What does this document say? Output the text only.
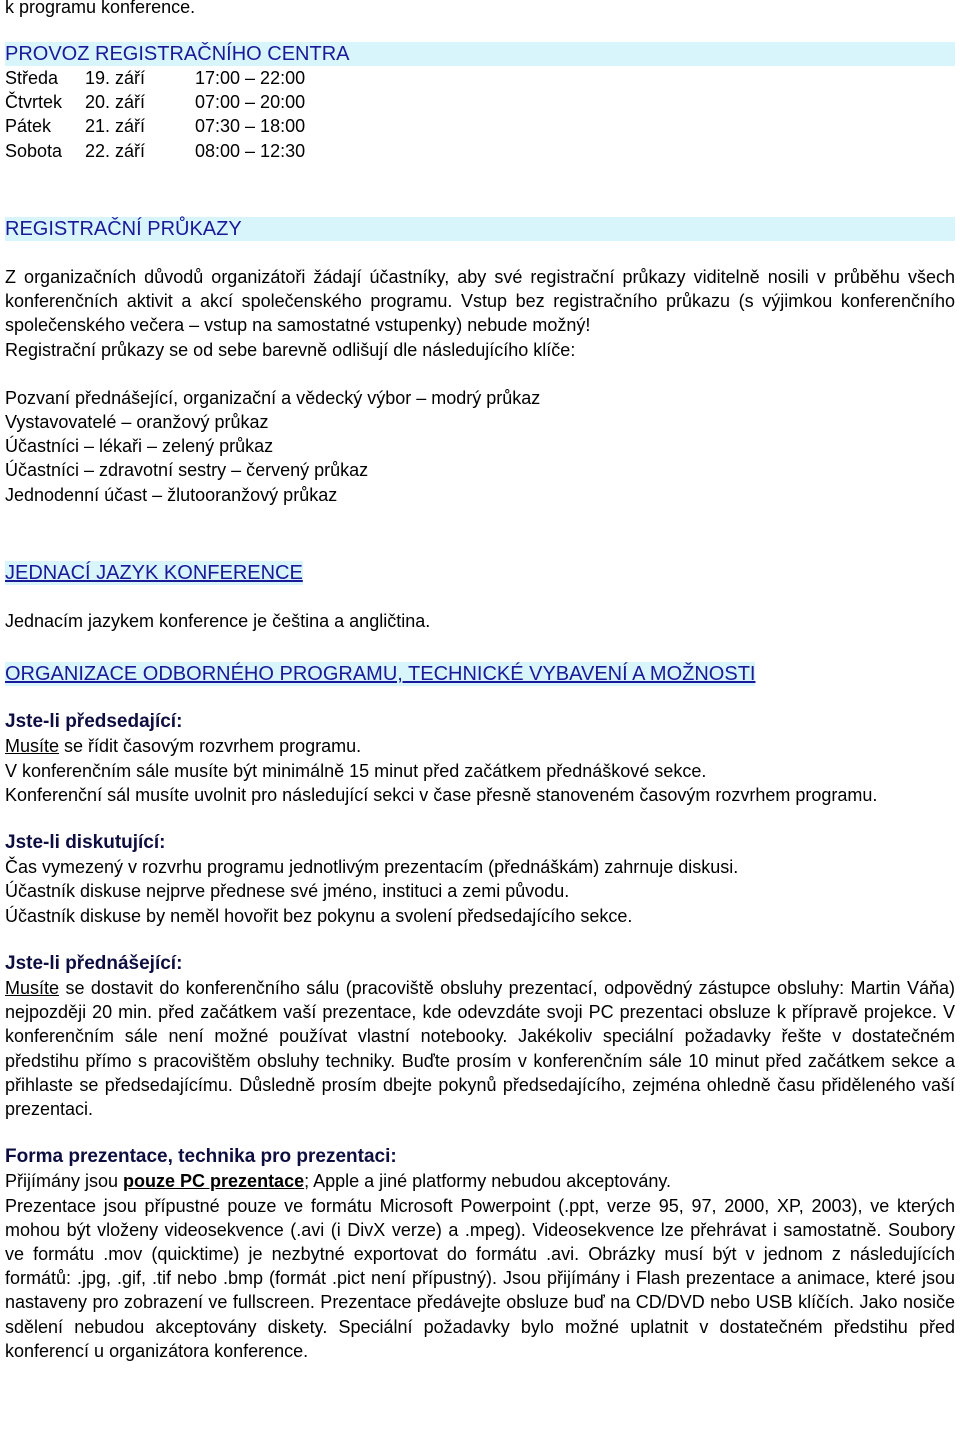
k programu konference.
PROVOZ REGISTRAČNÍHO CENTRA
Středa	19. září	17:00 – 22:00
Čtvrtek	20. září	07:00 – 20:00
Pátek	21. září	07:30 – 18:00
Sobota	22. září	08:00 – 12:30
REGISTRAČNÍ PRŮKAZY
Z organizačních důvodů organizátoři žádají účastníky, aby své registrační průkazy viditelně nosili v průběhu všech konferenčních aktivit a akcí společenského programu. Vstup bez registračního průkazu (s výjimkou konferenčního společenského večera – vstup na samostatné vstupenky) nebude možný!
Registrační průkazy se od sebe barevně odlišují dle následujícího klíče:
Pozvaní přednášející, organizační a vědecký výbor – modrý průkaz
Vystavovatelé – oranžový průkaz
Účastníci – lékaři – zelený průkaz
Účastníci – zdravotní sestry – červený průkaz
Jednodenní účast – žlutooranžový průkaz
JEDNACÍ JAZYK KONFERENCE
Jednacím jazykem konference je čeština a angličtina.
ORGANIZACE ODBORNÉHO PROGRAMU, TECHNICKÉ VYBAVENÍ A MOŽNOSTI
Jste-li předsedající:
Musíte se řídit časovým rozvrhem programu.
V konferenčním sále musíte být minimálně 15 minut před začátkem přednáškové sekce.
Konferenční sál musíte uvolnit pro následující sekci v čase přesně stanoveném časovým rozvrhem programu.
Jste-li diskutující:
Čas vymezený v rozvrhu programu jednotlivým prezentacím (přednáškám) zahrnuje diskusi.
Účastník diskuse nejprve přednese své jméno, instituci a zemi původu.
Účastník diskuse by neměl hovořit bez pokynu a svolení předsedajícího sekce.
Jste-li přednášející:
Musíte se dostavit do konferenčního sálu (pracoviště obsluhy prezentací, odpovědný zástupce obsluhy: Martin Váňa) nejpozději 20 min. před začátkem vaší prezentace, kde odevzdáte svoji PC prezentaci obsluze k přípravě projekce. V konferenčním sále není možné používat vlastní notebooky. Jakékoliv speciální požadavky řešte v dostatečném předstihu přímo s pracovištěm obsluhy techniky. Buďte prosím v konferenčním sále 10 minut před začátkem sekce a přihlaste se předsedajícímu. Důsledně prosím dbejte pokynů předsedajícího, zejména ohledně času přiděleného vaší prezentaci.
Forma prezentace, technika pro prezentaci:
Přijímány jsou pouze PC prezentace; Apple a jiné platformy nebudou akceptovány.
Prezentace jsou přípustné pouze ve formátu Microsoft Powerpoint (.ppt, verze 95, 97, 2000, XP, 2003), ve kterých mohou být vloženy videosekvence (.avi (i DivX verze) a .mpeg). Videosekvence lze přehrávat i samostatně. Soubory ve formátu .mov (quicktime) je nezbytné exportovat do formátu .avi. Obrázky musí být v jednom z následujících formátů: .jpg, .gif, .tif nebo .bmp (formát .pict není přípustný). Jsou přijímány i Flash prezentace a animace, které jsou nastaveny pro zobrazení ve fullscreen. Prezentace předávejte obsluze buď na CD/DVD nebo USB klíčích. Jako nosiče sdělení nebudou akceptovány diskety. Speciální požadavky bylo možné uplatnit v dostatečném předstihu před konferencí u organizátora konference.
